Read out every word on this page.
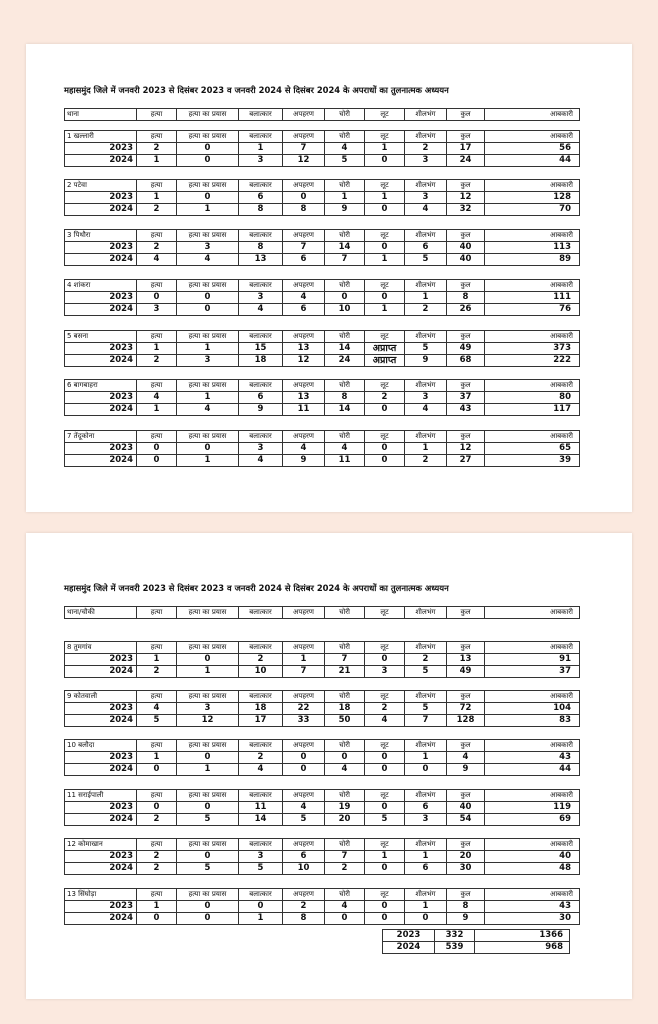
महासमुंद जिले में जनवरी 2023 से दिसंबर 2023 व जनवरी 2024 से दिसंबर 2024 के अपराधों का तुलनात्मक अध्ययन
थाना	हत्या	हत्या का प्रयास	बलात्कार	अपहरण	चोरी	लूट	शीलभंग	कुल	आबकारी
1 खल्लारी	हत्या	हत्या का प्रयास	बलात्कार	अपहरण	चोरी	लूट	शीलभंग	कुल	आबकारी
2023	2	0	1	7	4	1	2	17	56
2024	1	0	3	12	5	0	3	24	44
2 पटेवा	हत्या	हत्या का प्रयास	बलात्कार	अपहरण	चोरी	लूट	शीलभंग	कुल	आबकारी
2023	1	0	6	0	1	1	3	12	128
2024	2	1	8	8	9	0	4	32	70
3 पिथौरा	हत्या	हत्या का प्रयास	बलात्कार	अपहरण	चोरी	लूट	शीलभंग	कुल	आबकारी
2023	2	3	8	7	14	0	6	40	113
2024	4	4	13	6	7	1	5	40	89
4 शांकरा	हत्या	हत्या का प्रयास	बलात्कार	अपहरण	चोरी	लूट	शीलभंग	कुल	आबकारी
2023	0	0	3	4	0	0	1	8	111
2024	3	0	4	6	10	1	2	26	76
5 बसना	हत्या	हत्या का प्रयास	बलात्कार	अपहरण	चोरी	लूट	शीलभंग	कुल	आबकारी
2023	1	1	15	13	14	अप्राप्त	5	49	373
2024	2	3	18	12	24	अप्राप्त	9	68	222
6 बागबाहरा	हत्या	हत्या का प्रयास	बलात्कार	अपहरण	चोरी	लूट	शीलभंग	कुल	आबकारी
2023	4	1	6	13	8	2	3	37	80
2024	1	4	9	11	14	0	4	43	117
7 तेंदूकोना	हत्या	हत्या का प्रयास	बलात्कार	अपहरण	चोरी	लूट	शीलभंग	कुल	आबकारी
2023	0	0	3	4	4	0	1	12	65
2024	0	1	4	9	11	0	2	27	39
महासमुंद जिले में जनवरी 2023 से दिसंबर 2023 व जनवरी 2024 से दिसंबर 2024 के अपराधों का तुलनात्मक अध्ययन
थाना/चौकी	हत्या	हत्या का प्रयास	बलात्कार	अपहरण	चोरी	लूट	शीलभंग	कुल	आबकारी
8 तुमगांव	हत्या	हत्या का प्रयास	बलात्कार	अपहरण	चोरी	लूट	शीलभंग	कुल	आबकारी
2023	1	0	2	1	7	0	2	13	91
2024	2	1	10	7	21	3	5	49	37
9 कोतवाली	हत्या	हत्या का प्रयास	बलात्कार	अपहरण	चोरी	लूट	शीलभंग	कुल	आबकारी
2023	4	3	18	22	18	2	5	72	104
2024	5	12	17	33	50	4	7	128	83
10 बलौदा	हत्या	हत्या का प्रयास	बलात्कार	अपहरण	चोरी	लूट	शीलभंग	कुल	आबकारी
2023	1	0	2	0	0	0	1	4	43
2024	0	1	4	0	4	0	0	9	44
11 सराईपाली	हत्या	हत्या का प्रयास	बलात्कार	अपहरण	चोरी	लूट	शीलभंग	कुल	आबकारी
2023	0	0	11	4	19	0	6	40	119
2024	2	5	14	5	20	5	3	54	69
12 कोमाखान	हत्या	हत्या का प्रयास	बलात्कार	अपहरण	चोरी	लूट	शीलभंग	कुल	आबकारी
2023	2	0	3	6	7	1	1	20	40
2024	2	5	5	10	2	0	6	30	48
13 सिंघोड़ा	हत्या	हत्या का प्रयास	बलात्कार	अपहरण	चोरी	लूट	शीलभंग	कुल	आबकारी
2023	1	0	0	2	4	0	1	8	43
2024	0	0	1	8	0	0	0	9	30
2023	332	1366
2024	539	968
